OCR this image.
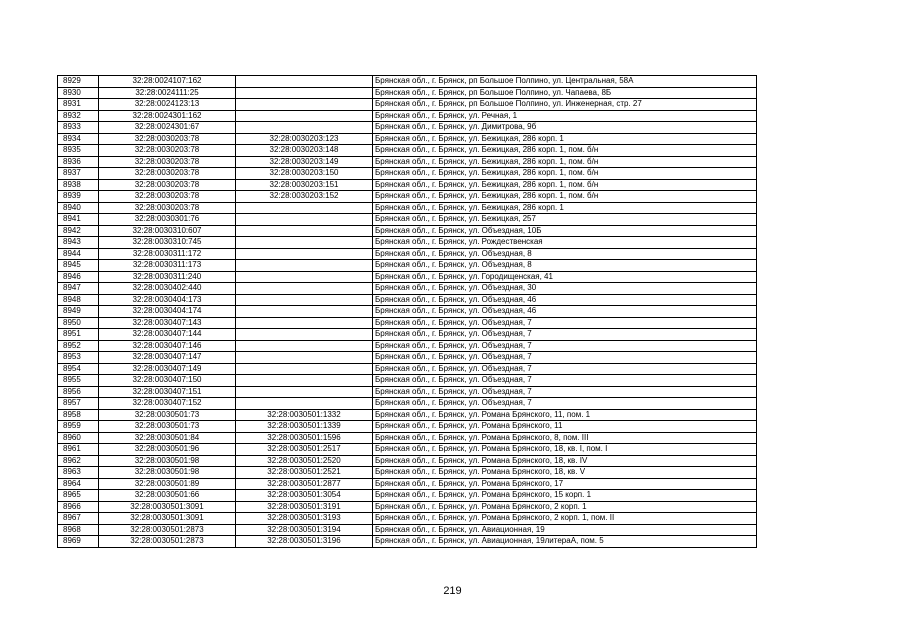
8929	32:28:0024107:162		Брянская обл., г. Брянск, рп Большое Полпино, ул. Центральная, 58А
8930	32:28:0024111:25		Брянская обл., г. Брянск, рп Большое Полпино, ул. Чапаева, 8Б
8931	32:28:0024123:13		Брянская обл., г. Брянск, рп Большое Полпино, ул. Инженерная, стр. 27
8932	32:28:0024301:162		Брянская обл., г. Брянск, ул. Речная, 1
8933	32:28:0024301:67		Брянская обл., г. Брянск, ул. Димитрова, 9б
8934	32:28:0030203:78	32:28:0030203:123	Брянская обл., г. Брянск, ул. Бежицкая, 286 корп. 1
8935	32:28:0030203:78	32:28:0030203:148	Брянская обл., г. Брянск, ул. Бежицкая, 286 корп. 1, пом. б/н
8936	32:28:0030203:78	32:28:0030203:149	Брянская обл., г. Брянск, ул. Бежицкая, 286 корп. 1, пом. б/н
8937	32:28:0030203:78	32:28:0030203:150	Брянская обл., г. Брянск, ул. Бежицкая, 286 корп. 1, пом. б/н
8938	32:28:0030203:78	32:28:0030203:151	Брянская обл., г. Брянск, ул. Бежицкая, 286 корп. 1, пом. б/н
8939	32:28:0030203:78	32:28:0030203:152	Брянская обл., г. Брянск, ул. Бежицкая, 286 корп. 1, пом. б/н
8940	32:28:0030203:78		Брянская обл., г. Брянск, ул. Бежицкая, 286 корп. 1
8941	32:28:0030301:76		Брянская обл., г. Брянск, ул. Бежицкая, 257
8942	32:28:0030310:607		Брянская обл., г. Брянск, ул. Объездная, 10Б
8943	32:28:0030310:745		Брянская обл., г. Брянск, ул. Рождественская
8944	32:28:0030311:172		Брянская обл., г. Брянск, ул. Объездная, 8
8945	32:28:0030311:173		Брянская обл., г. Брянск, ул. Объездная, 8
8946	32:28:0030311:240		Брянская обл., г. Брянск, ул. Городищенская, 41
8947	32:28:0030402:440		Брянская обл., г. Брянск, ул. Объездная, 30
8948	32:28:0030404:173		Брянская обл., г. Брянск, ул. Объездная, 46
8949	32:28:0030404:174		Брянская обл., г. Брянск, ул. Объездная, 46
8950	32:28:0030407:143		Брянская обл., г. Брянск, ул. Объездная, 7
8951	32:28:0030407:144		Брянская обл., г. Брянск, ул. Объездная, 7
8952	32:28:0030407:146		Брянская обл., г. Брянск, ул. Объездная, 7
8953	32:28:0030407:147		Брянская обл., г. Брянск, ул. Объездная, 7
8954	32:28:0030407:149		Брянская обл., г. Брянск, ул. Объездная, 7
8955	32:28:0030407:150		Брянская обл., г. Брянск, ул. Объездная, 7
8956	32:28:0030407:151		Брянская обл., г. Брянск, ул. Объездная, 7
8957	32:28:0030407:152		Брянская обл., г. Брянск, ул. Объездная, 7
8958	32:28:0030501:73	32:28:0030501:1332	Брянская обл., г. Брянск, ул. Романа Брянского, 11, пом. 1
8959	32:28:0030501:73	32:28:0030501:1339	Брянская обл., г. Брянск, ул. Романа Брянского, 11
8960	32:28:0030501:84	32:28:0030501:1596	Брянская обл., г. Брянск, ул. Романа Брянского, 8, пом. III
8961	32:28:0030501:96	32:28:0030501:2517	Брянская обл., г. Брянск, ул. Романа Брянского, 18, кв. I, пом. I
8962	32:28:0030501:98	32:28:0030501:2520	Брянская обл., г. Брянск, ул. Романа Брянского, 18, кв. IV
8963	32:28:0030501:98	32:28:0030501:2521	Брянская обл., г. Брянск, ул. Романа Брянского, 18, кв. V
8964	32:28:0030501:89	32:28:0030501:2877	Брянская обл., г. Брянск, ул. Романа Брянского, 17
8965	32:28:0030501:66	32:28:0030501:3054	Брянская обл., г. Брянск, ул. Романа Брянского, 15 корп. 1
8966	32:28:0030501:3091	32:28:0030501:3191	Брянская обл., г. Брянск, ул. Романа Брянского, 2 корп. 1
8967	32:28:0030501:3091	32:28:0030501:3193	Брянская обл., г. Брянск, ул. Романа Брянского, 2 корп. 1, пом. II
8968	32:28:0030501:2873	32:28:0030501:3194	Брянская обл., г. Брянск, ул. Авиационная, 19
8969	32:28:0030501:2873	32:28:0030501:3196	Брянская обл., г. Брянск, ул. Авиационная, 19литераА, пом. 5
219
